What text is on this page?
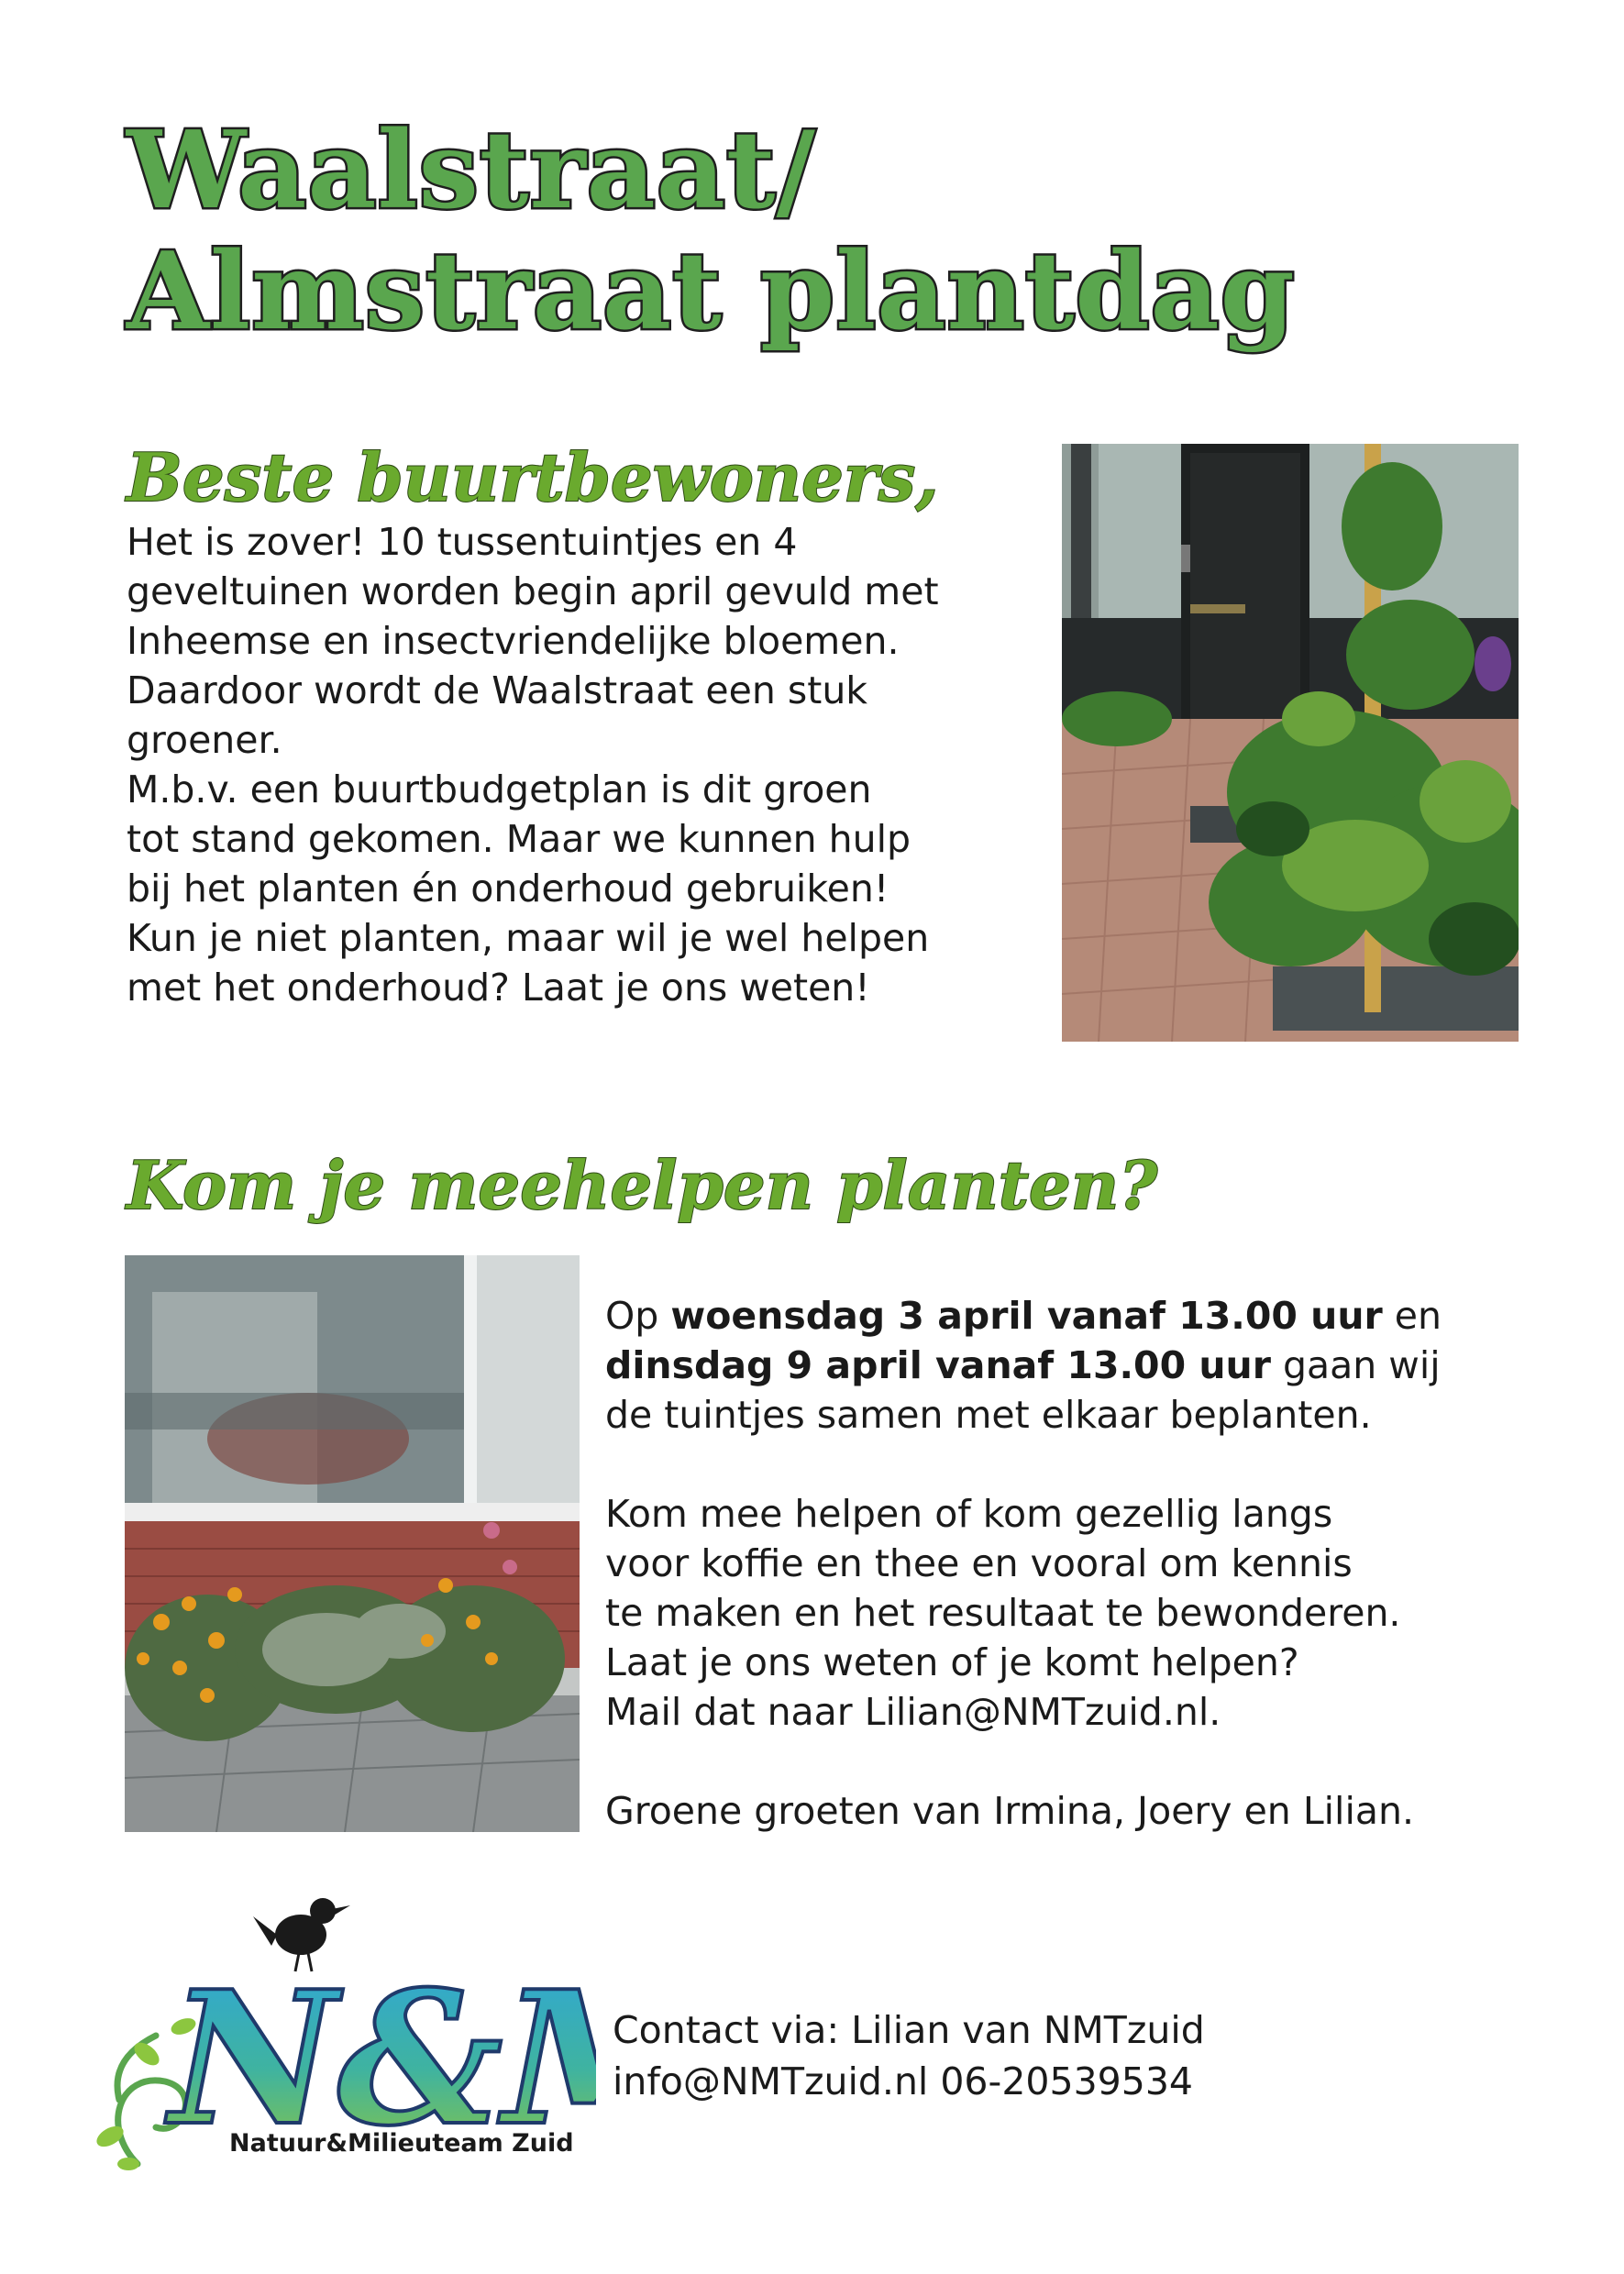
Waalstraat/
Almstraat plantdag
Beste buurtbewoners,

Het is zover! 10 tussentuintjes en 4
geveltuinen worden begin april gevuld met
Inheemse en insectvriendelijke bloemen.
Daardoor wordt de Waalstraat een stuk
groener.
M.b.v. een buurtbudgetplan is dit groen
tot stand gekomen. Maar we kunnen hulp
bij het planten én onderhoud gebruiken!
Kun je niet planten, maar wil je wel helpen
met het onderhoud? Laat je ons weten!

Kom je meehelpen planten?

Op woensdag 3 april vanaf 13.00 uur en
dinsdag 9 april vanaf 13.00 uur gaan wij
de tuintjes samen met elkaar beplanten.

Kom mee helpen of kom gezellig langs
voor koffie en thee en vooral om kennis
te maken en het resultaat te bewonderen.
Laat je ons weten of je komt helpen?
Mail dat naar Lilian@NMTzuid.nl.

Groene groeten van Irmina, Joery en Lilian.

N&
Natuur&Milieuteam Zuid
Contact via: Lilian van NMTzuid
info@NMTzuid.nl 06-20539534
